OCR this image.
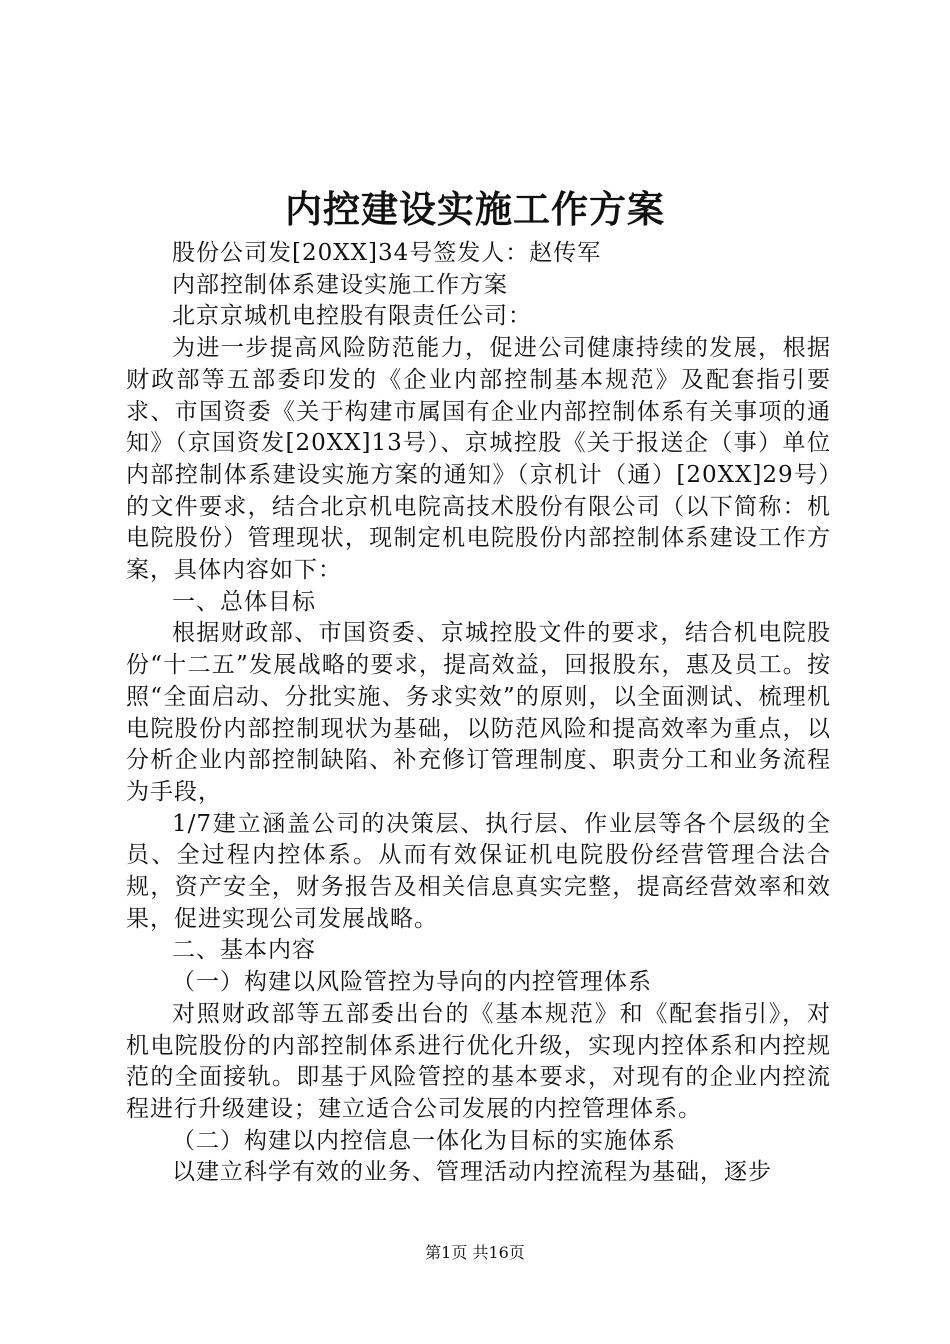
内控建设实施工作方案

股份公司发[20XX]34号签发人：赵传军

内部控制体系建设实施工作方案

北京京城机电控股有限责任公司：

为进一步提高风险防范能力，促进公司健康持续的发展，根据财政部等五部委印发的《企业内部控制基本规范》及配套指引要求、市国资委《关于构建市属国有企业内部控制体系有关事项的通知》（京国资发[20XX]13号）、京城控股《关于报送企（事）单位内部控制体系建设实施方案的通知》（京机计（通）[20XX]29号）的文件要求，结合北京机电院高技术股份有限公司（以下简称：机电院股份）管理现状，现制定机电院股份内部控制体系建设工作方案，具体内容如下：

一、总体目标

根据财政部、市国资委、京城控股文件的要求，结合机电院股份“十二五”发展战略的要求，提高效益，回报股东，惠及员工。按照“全面启动、分批实施、务求实效”的原则，以全面测试、梳理机电院股份内部控制现状为基础，以防范风险和提高效率为重点，以分析企业内部控制缺陷、补充修订管理制度、职责分工和业务流程为手段，

1/7建立涵盖公司的决策层、执行层、作业层等各个层级的全员、全过程内控体系。从而有效保证机电院股份经营管理合法合规，资产安全，财务报告及相关信息真实完整，提高经营效率和效果，促进实现公司发展战略。

二、基本内容

（一）构建以风险管控为导向的内控管理体系

对照财政部等五部委出台的《基本规范》和《配套指引》，对机电院股份的内部控制体系进行优化升级，实现内控体系和内控规范的全面接轨。即基于风险管控的基本要求，对现有的企业内控流程进行升级建设；建立适合公司发展的内控管理体系。

（二）构建以内控信息一体化为目标的实施体系

以建立科学有效的业务、管理活动内控流程为基础，逐步

第1页 共16页
